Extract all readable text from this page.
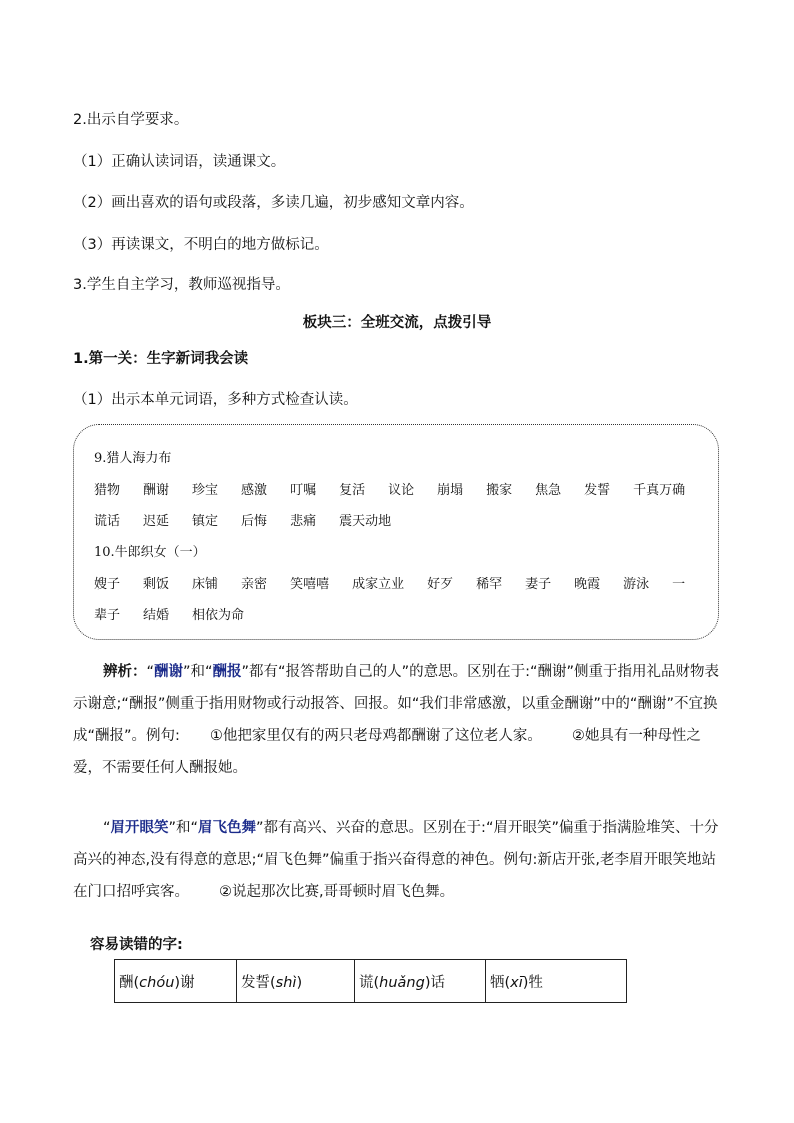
2.出示自学要求。
（1）正确认读词语，读通课文。
（2）画出喜欢的语句或段落，多读几遍，初步感知文章内容。
（3）再读课文，不明白的地方做标记。
3.学生自主学习，教师巡视指导。
板块三：全班交流，点拨引导
1.第一关：生字新词我会读
（1）出示本单元词语，多种方式检查认读。
9.猎人海力布
猎物 酬谢 珍宝 感激 叮嘱 复活 议论 崩塌 搬家 焦急 发誓 千真万确
谎话 迟延 镇定 后悔 悲痛 震天动地
10.牛郎织女（一）
嫂子 剩饭 床铺 亲密 笑嘻嘻 成家立业 好歹 稀罕 妻子 晚霞 游泳 一
辈子 结婚 相依为命
辨析：“酬谢”和“酬报”都有“报答帮助自己的人”的意思。区别在于:“酬谢”侧重于指用礼品财物表示谢意;“酬报”侧重于指用财物或行动报答、回报。如“我们非常感激，以重金酬谢”中的“酬谢”不宜换成“酬报”。例句: ①他把家里仅有的两只老母鸡都酬谢了这位老人家。 ②她具有一种母性之爱，不需要任何人酬报她。
“眉开眼笑”和“眉飞色舞”都有高兴、兴奋的意思。区别在于:“眉开眼笑”偏重于指满脸堆笑、十分高兴的神态,没有得意的意思;“眉飞色舞”偏重于指兴奋得意的神色。例句:新店开张,老李眉开眼笑地站在门口招呼宾客。 ②说起那次比赛,哥哥顿时眉飞色舞。
容易读错的字:
酬(chóu)谢	发誓(shì)	谎(huǎng)话	牺(xī)牲
